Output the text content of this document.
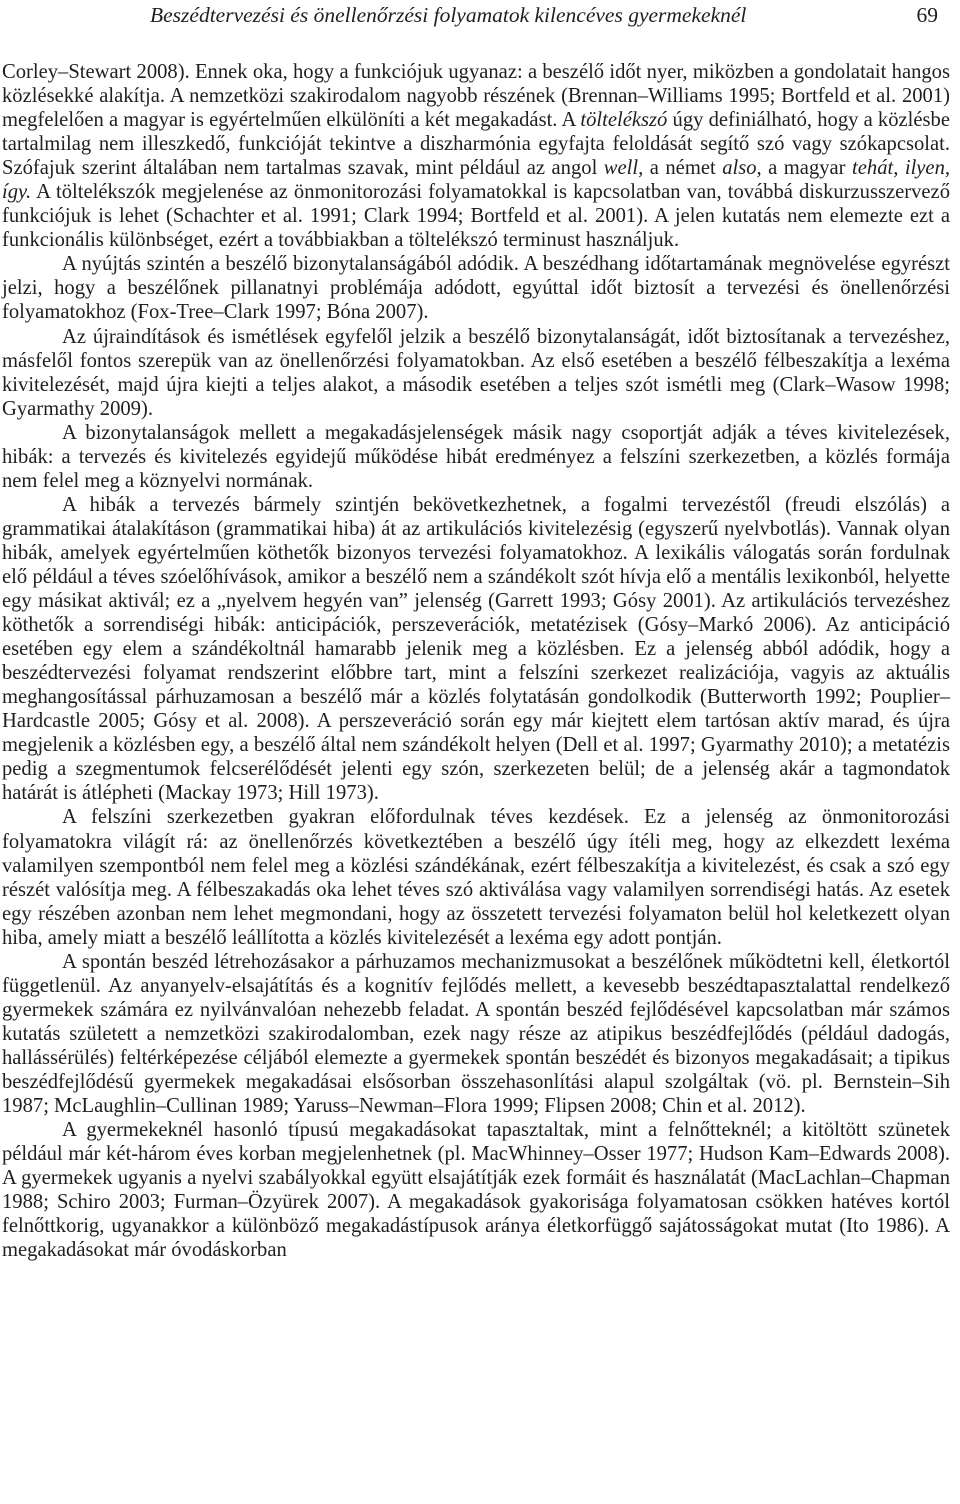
Beszédtervezési és önellenőrzési folyamatok kilencéves gyermekeknél	69

Corley–Stewart 2008). Ennek oka, hogy a funkciójuk ugyanaz: a beszélő időt nyer, miközben a gondolatait hangos közlésekké alakítja. A nemzetközi szakirodalom nagyobb részének (Brennan–Williams 1995; Bortfeld et al. 2001) megfelelően a magyar is egyértelműen elkülöníti a két megakadást. A töltelékszó úgy definiálható, hogy a közlésbe tartalmilag nem illeszkedő, funkcióját tekintve a diszharmónia egyfajta feloldását segítő szó vagy szókapcsolat. Szófajuk szerint általában nem tartalmas szavak, mint például az angol well, a német also, a magyar tehát, ilyen, így. A töltelékszók megjelenése az önmonitorozási folyamatokkal is kapcsolatban van, továbbá diskurzusszervező funkciójuk is lehet (Schachter et al. 1991; Clark 1994; Bortfeld et al. 2001). A jelen kutatás nem elemezte ezt a funkcionális különbséget, ezért a továbbiakban a töltelékszó terminust használjuk.

A nyújtás szintén a beszélő bizonytalanságából adódik. A beszédhang időtartamának megnövelése egyrészt jelzi, hogy a beszélőnek pillanatnyi problémája adódott, egyúttal időt biztosít a tervezési és önellenőrzési folyamatokhoz (Fox-Tree–Clark 1997; Bóna 2007).

Az újraindítások és ismétlések egyfelől jelzik a beszélő bizonytalanságát, időt biztosítanak a tervezéshez, másfelől fontos szerepük van az önellenőrzési folyamatokban. Az első esetében a beszélő félbeszakítja a lexéma kivitelezését, majd újra kiejti a teljes alakot, a második esetében a teljes szót ismétli meg (Clark–Wasow 1998; Gyarmathy 2009).

A bizonytalanságok mellett a megakadásjelenségek másik nagy csoportját adják a téves kivitelezések, hibák: a tervezés és kivitelezés egyidejű működése hibát eredményez a felszíni szerkezetben, a közlés formája nem felel meg a köznyelvi normának.

A hibák a tervezés bármely szintjén bekövetkezhetnek, a fogalmi tervezéstől (freudi elszólás) a grammatikai átalakításon (grammatikai hiba) át az artikulációs kivitelezésig (egyszerű nyelvbotlás). Vannak olyan hibák, amelyek egyértelműen köthetők bizonyos tervezési folyamatokhoz. A lexikális válogatás során fordulnak elő például a téves szóelőhívások, amikor a beszélő nem a szándékolt szót hívja elő a mentális lexikonból, helyette egy másikat aktivál; ez a „nyelvem hegyén van” jelenség (Garrett 1993; Gósy 2001). Az artikulációs tervezéshez köthetők a sorrendiségi hibák: anticipációk, perszeverációk, metatézisek (Gósy–Markó 2006). Az anticipáció esetében egy elem a szándékoltnál hamarabb jelenik meg a közlésben. Ez a jelenség abból adódik, hogy a beszédtervezési folyamat rendszerint előbbre tart, mint a felszíni szerkezet realizációja, vagyis az aktuális meghangosítással párhuzamosan a beszélő már a közlés folytatásán gondolkodik (Butterworth 1992; Pouplier–Hardcastle 2005; Gósy et al. 2008). A perszeveráció során egy már kiejtett elem tartósan aktív marad, és újra megjelenik a közlésben egy, a beszélő által nem szándékolt helyen (Dell et al. 1997; Gyarmathy 2010); a metatézis pedig a szegmentumok felcserélődését jelenti egy szón, szerkezeten belül; de a jelenség akár a tagmondatok határát is átlépheti (Mackay 1973; Hill 1973).

A felszíni szerkezetben gyakran előfordulnak téves kezdések. Ez a jelenség az önmonitorozási folyamatokra világít rá: az önellenőrzés következtében a beszélő úgy ítéli meg, hogy az elkezdett lexéma valamilyen szempontból nem felel meg a közlési szándékának, ezért félbeszakítja a kivitelezést, és csak a szó egy részét valósítja meg. A félbeszakadás oka lehet téves szó aktiválása vagy valamilyen sorrendiségi hatás. Az esetek egy részében azonban nem lehet megmondani, hogy az összetett tervezési folyamaton belül hol keletkezett olyan hiba, amely miatt a beszélő leállította a közlés kivitelezését a lexéma egy adott pontján.

A spontán beszéd létrehozásakor a párhuzamos mechanizmusokat a beszélőnek működtetni kell, életkortól függetlenül. Az anyanyelv-elsajátítás és a kognitív fejlődés mellett, a kevesebb beszédtapasztalattal rendelkező gyermekek számára ez nyilvánvalóan nehezebb feladat. A spontán beszéd fejlődésével kapcsolatban már számos kutatás született a nemzetközi szakirodalomban, ezek nagy része az atipikus beszédfejlődés (például dadogás, hallássérülés) feltérképezése céljából elemezte a gyermekek spontán beszédét és bizonyos megakadásait; a tipikus beszédfejlődésű gyermekek megakadásai elsősorban összehasonlítási alapul szolgáltak (vö. pl. Bernstein–Sih 1987; McLaughlin–Cullinan 1989; Yaruss–Newman–Flora 1999; Flipsen 2008; Chin et al. 2012).

A gyermekeknél hasonló típusú megakadásokat tapasztaltak, mint a felnőtteknél; a kitöltött szünetek például már két-három éves korban megjelenhetnek (pl. MacWhinney–Osser 1977; Hudson Kam–Edwards 2008). A gyermekek ugyanis a nyelvi szabályokkal együtt elsajátítják ezek formáit és használatát (MacLachlan–Chapman 1988; Schiro 2003; Furman–Özyürek 2007). A megakadások gyakorisága folyamatosan csökken hatéves kortól felnőttkorig, ugyanakkor a különböző megakadástípusok aránya életkorfüggő sajátosságokat mutat (Ito 1986). A megakadásokat már óvodáskorban
